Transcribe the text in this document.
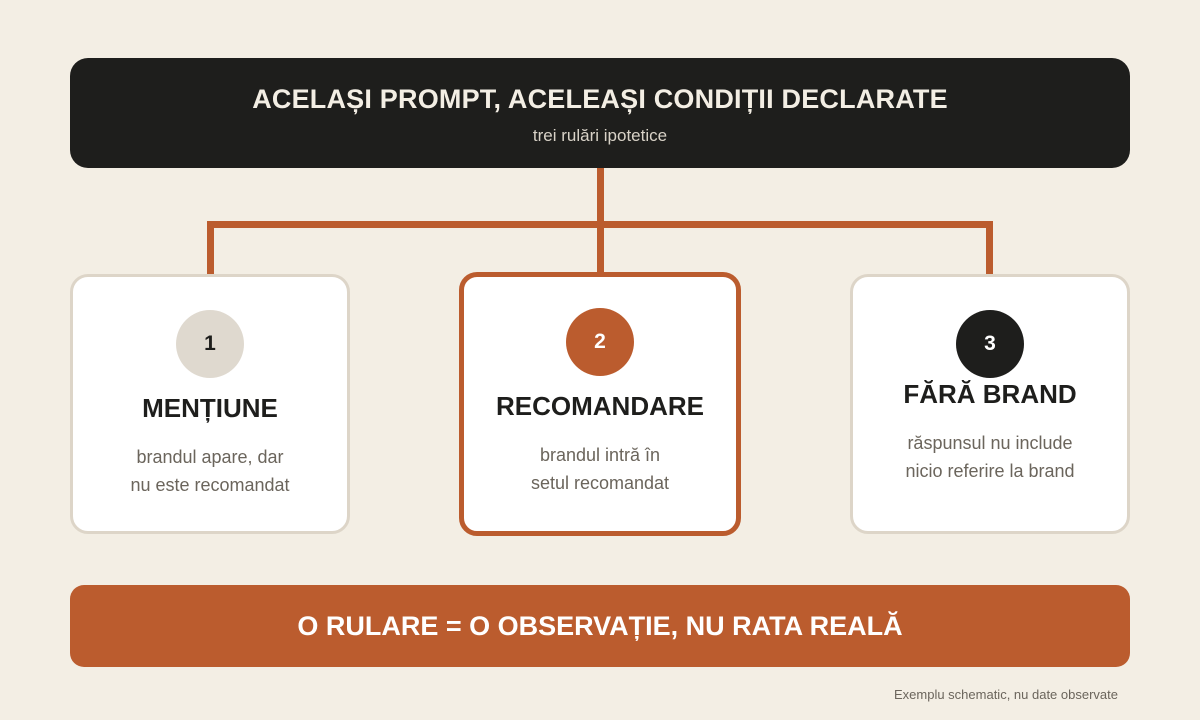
ACELAȘI PROMPT, ACELEAȘI CONDIȚII DECLARATE
trei rulări ipotetice
1
MENȚIUNE
brandul apare, dar
nu este recomandat
2
RECOMANDARE
brandul intră în
setul recomandat
3
FĂRĂ BRAND
răspunsul nu include
nicio referire la brand
O RULARE = O OBSERVAȚIE, NU RATA REALĂ
Exemplu schematic, nu date observate
